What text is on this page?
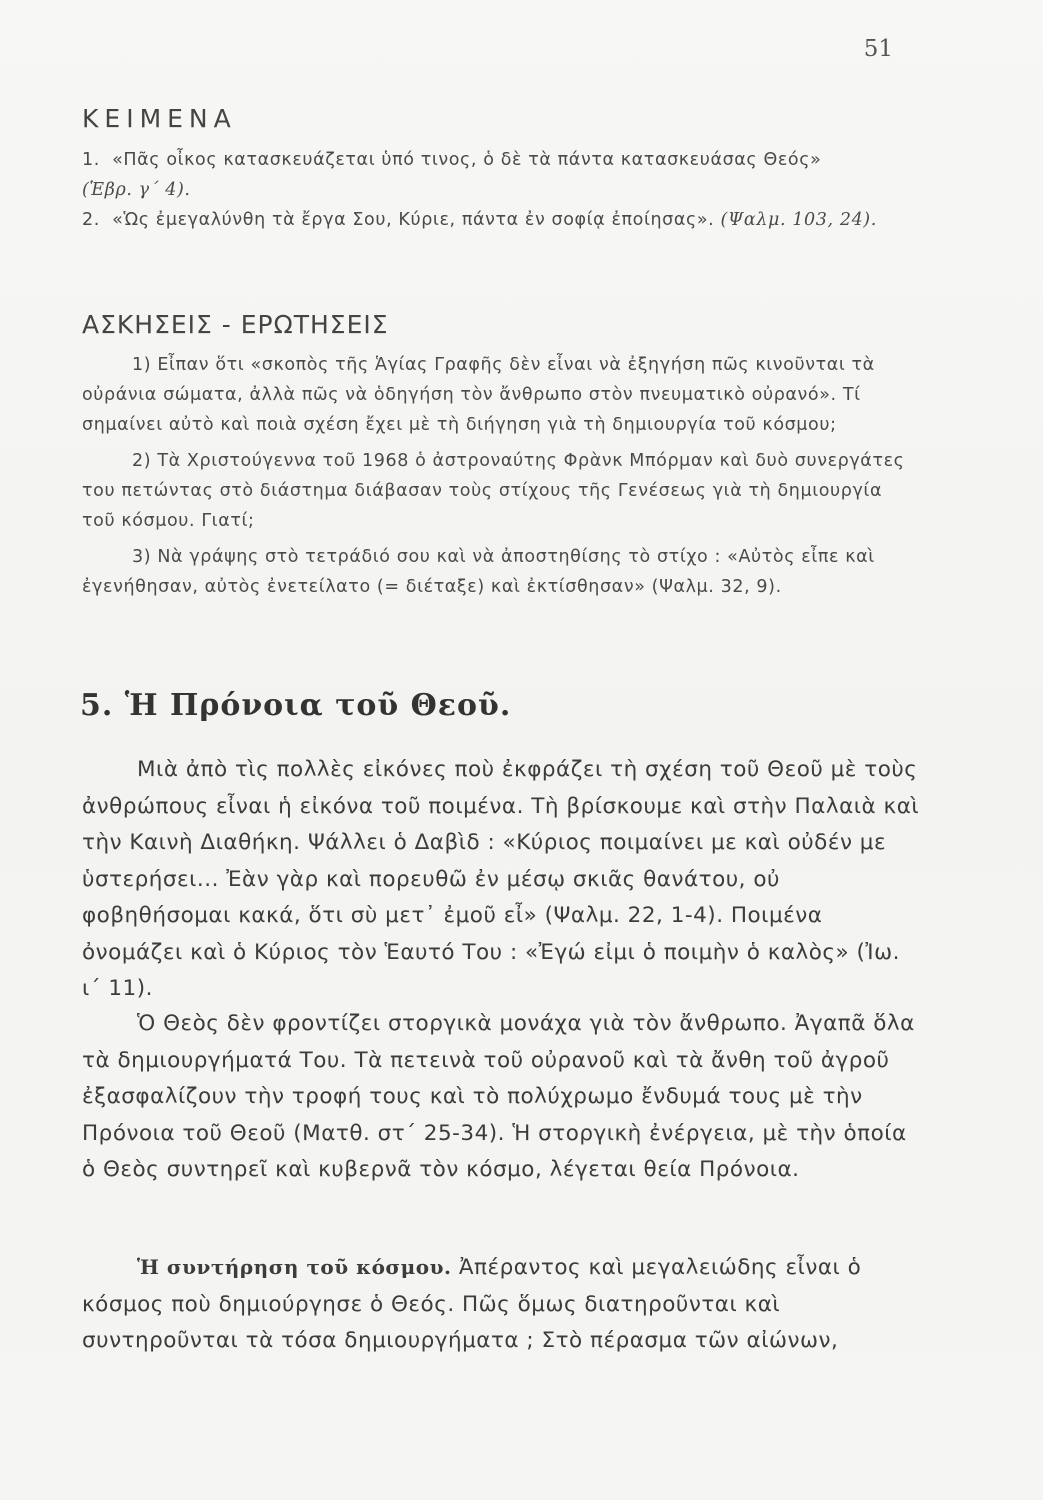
51
ΚΕΙΜΕΝΑ

1. «Πᾶς οἶκος κατασκευάζεται ὑπό τινος, ὁ δὲ τὰ πάντα κατασκευάσας Θεός»
(Ἑβρ. γ΄ 4).

2. «Ὡς ἐμεγαλύνθη τὰ ἔργα Σου, Κύριε, πάντα ἐν σοφίᾳ ἐποίησας». (Ψαλμ. 103, 24).

ΑΣΚΗΣΕΙΣ - ΕΡΩΤΗΣΕΙΣ

1) Εἶπαν ὅτι «σκοπὸς τῆς Ἁγίας Γραφῆς δὲν εἶναι νὰ ἐξηγήση πῶς κινοῦνται τὰ οὐράνια σώματα, ἀλλὰ πῶς νὰ ὁδηγήση τὸν ἄνθρωπο στὸν πνευματικὸ οὐρανό». Τί σημαίνει αὐτὸ καὶ ποιὰ σχέση ἔχει μὲ τὴ διήγηση γιὰ τὴ δημιουργία τοῦ κόσμου;

2) Τὰ Χριστούγεννα τοῦ 1968 ὁ ἀστροναύτης Φρὰνκ Μπόρμαν καὶ δυὸ συνεργάτες του πετώντας στὸ διάστημα διάβασαν τοὺς στίχους τῆς Γενέσεως γιὰ τὴ δημιουργία τοῦ κόσμου. Γιατί;

3) Νὰ γράψης στὸ τετράδιό σου καὶ νὰ ἀποστηθίσης τὸ στίχο : «Αὐτὸς εἶπε καὶ ἐγενήθησαν, αὐτὸς ἐνετείλατο (= διέταξε) καὶ ἐκτίσθησαν» (Ψαλμ. 32, 9).

5. Ἡ Πρόνοια τοῦ Θεοῦ.

Μιὰ ἀπὸ τὶς πολλὲς εἰκόνες ποὺ ἐκφράζει τὴ σχέση τοῦ Θεοῦ μὲ τοὺς ἀνθρώπους εἶναι ἡ εἰκόνα τοῦ ποιμένα. Τὴ βρίσκουμε καὶ στὴν Παλαιὰ καὶ τὴν Καινὴ Διαθήκη. Ψάλλει ὁ Δαβὶδ : «Κύριος ποιμαίνει με καὶ οὐδέν με ὑστερήσει... Ἐὰν γὰρ καὶ πορευθῶ ἐν μέσῳ σκιᾶς θανάτου, οὐ φοβηθήσομαι κακά, ὅτι σὺ μετ᾽ ἐμοῦ εἶ» (Ψαλμ. 22, 1-4). Ποιμένα ὀνομάζει καὶ ὁ Κύριος τὸν Ἑαυτό Του : «Ἐγώ εἰμι ὁ ποιμὴν ὁ καλὸς» (Ἰω. ι΄ 11).

Ὁ Θεὸς δὲν φροντίζει στοργικὰ μονάχα γιὰ τὸν ἄνθρωπο. Ἀγαπᾶ ὅλα τὰ δημιουργήματά Του. Τὰ πετεινὰ τοῦ οὐρανοῦ καὶ τὰ ἄνθη τοῦ ἀγροῦ ἐξασφαλίζουν τὴν τροφή τους καὶ τὸ πολύχρωμο ἔνδυμά τους μὲ τὴν Πρόνοια τοῦ Θεοῦ (Ματθ. στ΄ 25-34). Ἡ στοργικὴ ἐνέργεια, μὲ τὴν ὁποία ὁ Θεὸς συντηρεῖ καὶ κυβερνᾶ τὸν κόσμο, λέγεται θεία Πρόνοια.

Ἡ συντήρηση τοῦ κόσμου. Ἀπέραντος καὶ μεγαλειώδης εἶναι ὁ κόσμος ποὺ δημιούργησε ὁ Θεός. Πῶς ὅμως διατηροῦνται καὶ συντηροῦνται τὰ τόσα δημιουργήματα ; Στὸ πέρασμα τῶν αἰώνων,
